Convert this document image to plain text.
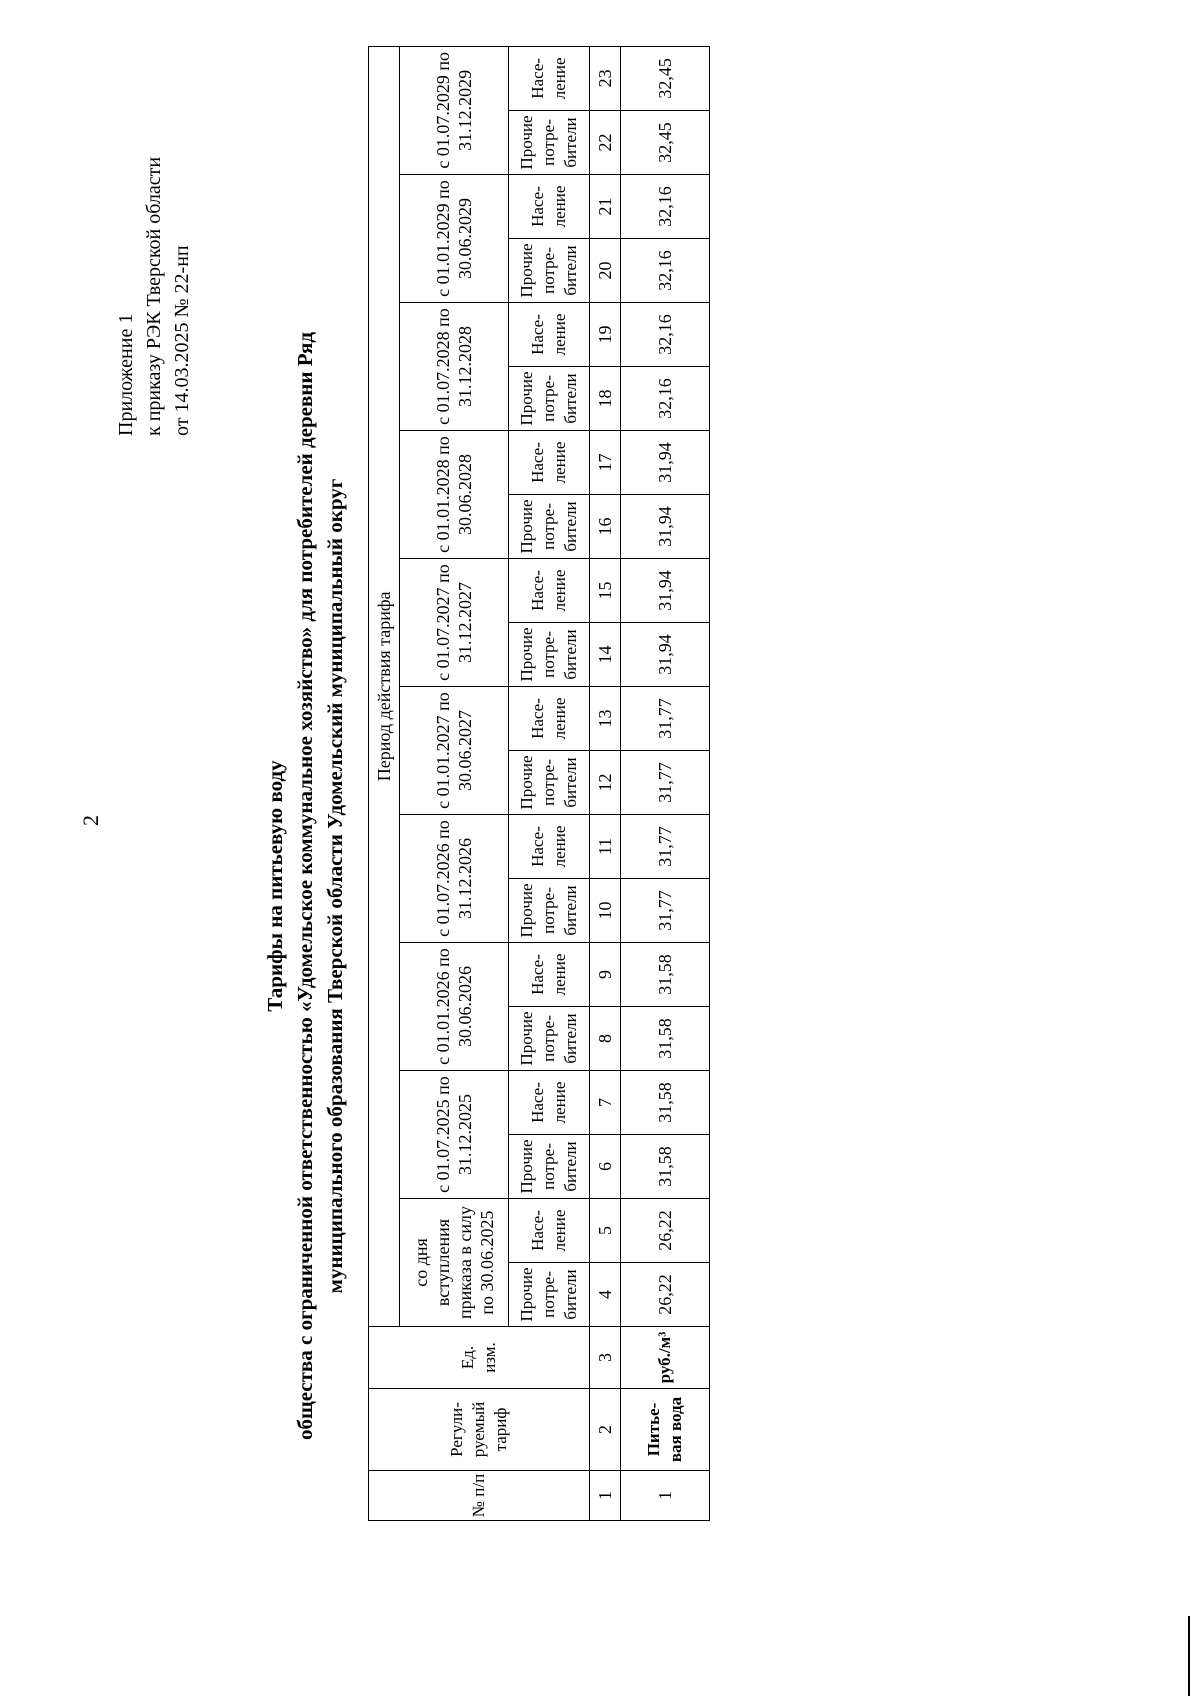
2
Приложение 1 к приказу РЭК Тверской области от 14.03.2025 № 22-нп
Тарифы на питьевую воду общества с ограниченной ответственностью «Удомельское коммунальное хозяйство» для потребителей деревни Ряд муниципального образования Тверской области Удомельский муниципальный округ
№ п/п	Регули-руемый тариф	Ед. изм.	Период действия тарифа																			
			со дня вступления приказа в силу по 30.06.2025		с 01.07.2025 по 31.12.2025		с 01.01.2026 по 30.06.2026		с 01.07.2026 по 31.12.2026		с 01.01.2027 по 30.06.2027		с 01.07.2027 по 31.12.2027		с 01.01.2028 по 30.06.2028		с 01.07.2028 по 31.12.2028		с 01.01.2029 по 30.06.2029		с 01.07.2029 по 31.12.2029	
			Прочие потре-бители	Насе-ление	Прочие потре-бители	Насе-ление	Прочие потре-бители	Насе-ление	Прочие потре-бители	Насе-ление	Прочие потре-бители	Насе-ление	Прочие потре-бители	Насе-ление	Прочие потре-бители	Насе-ление	Прочие потре-бители	Насе-ление	Прочие потре-бители	Насе-ление	Прочие потре-бители	Насе-ление
1	2	3	4	5	6	7	8	9	10	11	12	13	14	15	16	17	18	19	20	21	22	23
1	Питье-вая вода	руб./м³	26,22	26,22	31,58	31,58	31,58	31,58	31,77	31,77	31,77	31,77	31,94	31,94	31,94	31,94	32,16	32,16	32,16	32,16	32,45	32,45
